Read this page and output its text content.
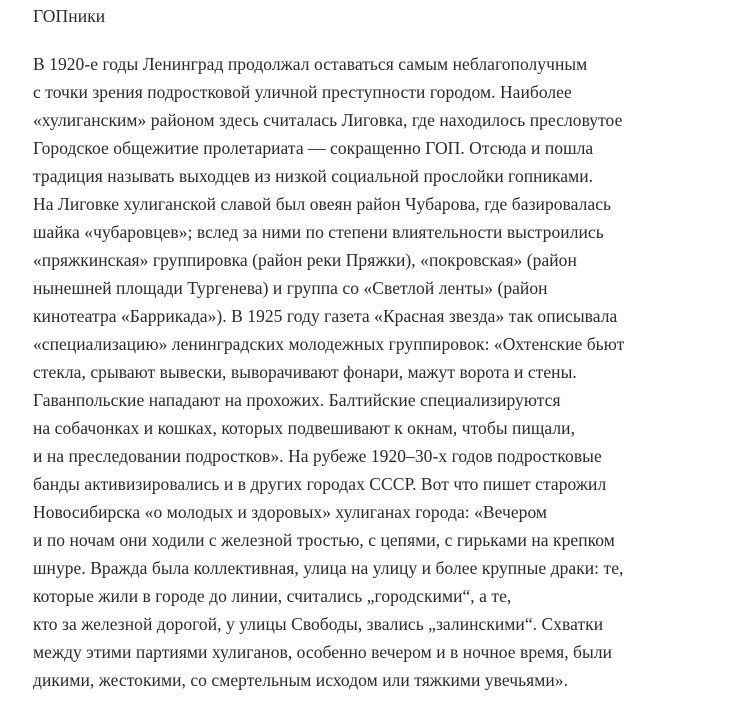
ГОПники
В 1920-е годы Ленинград продолжал оставаться самым неблагополучным
с точки зрения подростковой уличной преступности городом. Наиболее
«хулиганским» районом здесь считалась Лиговка, где находилось пресловутое
Городское общежитие пролетариата — сокращенно ГОП. Отсюда и пошла
традиция называть выходцев из низкой социальной прослойки гопниками.
На Лиговке хулиганской славой был овеян район Чубарова, где базировалась
шайка «чубаровцев»; вслед за ними по степени влиятельности выстроились
«пряжкинская» группировка (район реки Пряжки), «покровская» (район
нынешней площади Тургенева) и группа со «Светлой ленты» (район
кинотеатра «Баррикада»). В 1925 году газета «Красная звезда» так описывала
«специализацию» ленинградских молодежных группировок: «Охтенские бьют
стекла, срывают вывески, выворачивают фонари, мажут ворота и стены.
Гаванпольские нападают на прохожих. Балтийские специализируются
на собачонках и кошках, которых подвешивают к окнам, чтобы пищали,
и на преследовании подростков». На рубеже 1920–30-х годов подростковые
банды активизировались и в других городах СССР. Вот что пишет старожил
Новосибирска «о молодых и здоровых» хулиганах города: «Вечером
и по ночам они ходили с железной тростью, с цепями, с гирьками на крепком
шнуре. Вражда была коллективная, улица на улицу и более крупные драки: те,
которые жили в городе до линии, считались „городскими“, а те,
кто за железной дорогой, у улицы Свободы, звались „залинскими“. Схватки
между этими партиями хулиганов, особенно вечером и в ночное время, были
дикими, жестокими, со смертельным исходом или тяжкими увечьями».
